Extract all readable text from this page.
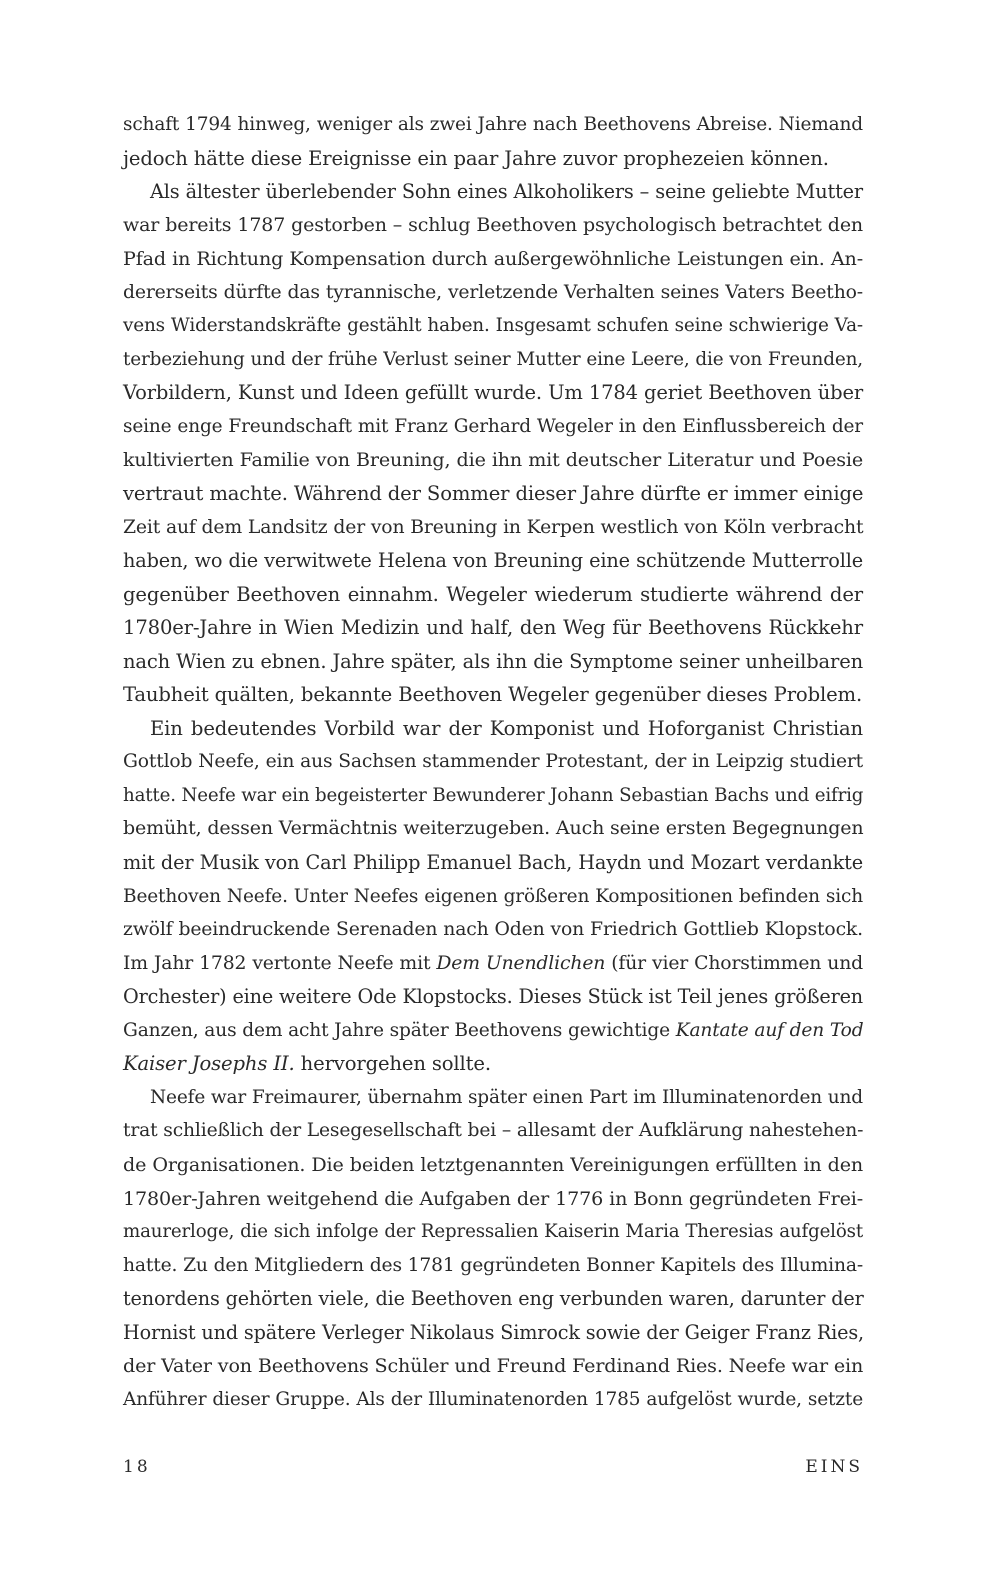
schaft 1794 hinweg, weniger als zwei Jahre nach Beethovens Abreise. Niemand
jedoch hätte diese Ereignisse ein paar Jahre zuvor prophezeien können.
Als ältester überlebender Sohn eines Alkoholikers – seine geliebte Mutter
war bereits 1787 gestorben – schlug Beethoven psychologisch betrachtet den
Pfad in Richtung Kompensation durch außergewöhnliche Leistungen ein. An-
dererseits dürfte das tyrannische, verletzende Verhalten seines Vaters Beetho-
vens Widerstandskräfte gestählt haben. Insgesamt schufen seine schwierige Va-
terbeziehung und der frühe Verlust seiner Mutter eine Leere, die von Freunden,
Vorbildern, Kunst und Ideen gefüllt wurde. Um 1784 geriet Beethoven über
seine enge Freundschaft mit Franz Gerhard Wegeler in den Einflussbereich der
kultivierten Familie von Breuning, die ihn mit deutscher Literatur und Poesie
vertraut machte. Während der Sommer dieser Jahre dürfte er immer einige
Zeit auf dem Landsitz der von Breuning in Kerpen westlich von Köln verbracht
haben, wo die verwitwete Helena von Breuning eine schützende Mutterrolle
gegenüber Beethoven einnahm. Wegeler wiederum studierte während der
1780er-Jahre in Wien Medizin und half, den Weg für Beethovens Rückkehr
nach Wien zu ebnen. Jahre später, als ihn die Symptome seiner unheilbaren
Taubheit quälten, bekannte Beethoven Wegeler gegenüber dieses Problem.
Ein bedeutendes Vorbild war der Komponist und Hoforganist Christian
Gottlob Neefe, ein aus Sachsen stammender Protestant, der in Leipzig studiert
hatte. Neefe war ein begeisterter Bewunderer Johann Sebastian Bachs und eifrig
bemüht, dessen Vermächtnis weiterzugeben. Auch seine ersten Begegnungen
mit der Musik von Carl Philipp Emanuel Bach, Haydn und Mozart verdankte
Beethoven Neefe. Unter Neefes eigenen größeren Kompositionen befinden sich
zwölf beeindruckende Serenaden nach Oden von Friedrich Gottlieb Klopstock.
Im Jahr 1782 vertonte Neefe mit Dem Unendlichen (für vier Chorstimmen und
Orchester) eine weitere Ode Klopstocks. Dieses Stück ist Teil jenes größeren
Ganzen, aus dem acht Jahre später Beethovens gewichtige Kantate auf den Tod
Kaiser Josephs II. hervorgehen sollte.
Neefe war Freimaurer, übernahm später einen Part im Illuminatenorden und
trat schließlich der Lesegesellschaft bei – allesamt der Aufklärung nahestehen-
de Organisationen. Die beiden letztgenannten Vereinigungen erfüllten in den
1780er-Jahren weitgehend die Aufgaben der 1776 in Bonn gegründeten Frei-
maurerloge, die sich infolge der Repressalien Kaiserin Maria Theresias aufgelöst
hatte. Zu den Mitgliedern des 1781 gegründeten Bonner Kapitels des Illumina-
tenordens gehörten viele, die Beethoven eng verbunden waren, darunter der
Hornist und spätere Verleger Nikolaus Simrock sowie der Geiger Franz Ries,
der Vater von Beethovens Schüler und Freund Ferdinand Ries. Neefe war ein
Anführer dieser Gruppe. Als der Illuminatenorden 1785 aufgelöst wurde, setzte
18	EINS
